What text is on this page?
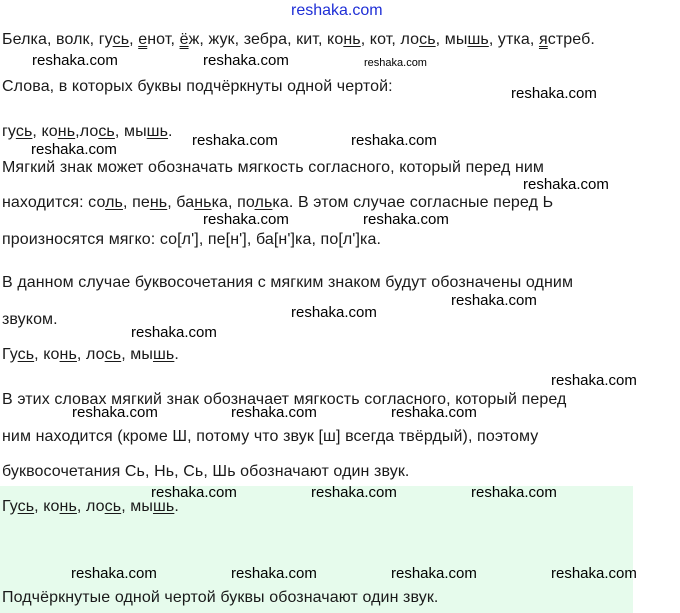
reshaka.com
Белка, волк, гусь, енот, ёж, жук, зебра, кит, конь, кот, лось, мышь, утка, ястреб.
Слова, в которых буквы подчёркнуты одной чертой:
гусь, конь,лось, мышь.
Мягкий знак может обозначать мягкость согласного, который перед ним
находится: соль, пень, банька, полька. В этом случае согласные перед Ь
произносятся мягко: со[л'], пе[н'], ба[н']ка, по[л']ка.
В данном случае буквосочетания с мягким знаком будут обозначены одним
звуком.
Гусь, конь, лось, мышь.
В этих словах мягкий знак обозначает мягкость согласного, который перед
ним находится (кроме Ш, потому что звук [ш] всегда твёрдый), поэтому
буквосочетания Сь, Нь, Сь, Шь обозначают один звук.
Гусь, конь, лось, мышь.
Подчёркнутые одной чертой буквы обозначают один звук.
reshaka.com	reshaka.com	reshaka.com
reshaka.com
reshaka.com
reshaka.com	reshaka.com
reshaka.com
reshaka.com	reshaka.com
reshaka.com
reshaka.com
reshaka.com
reshaka.com
reshaka.com	reshaka.com	reshaka.com
reshaka.com	reshaka.com	reshaka.com
reshaka.com	reshaka.com	reshaka.com	reshaka.com
